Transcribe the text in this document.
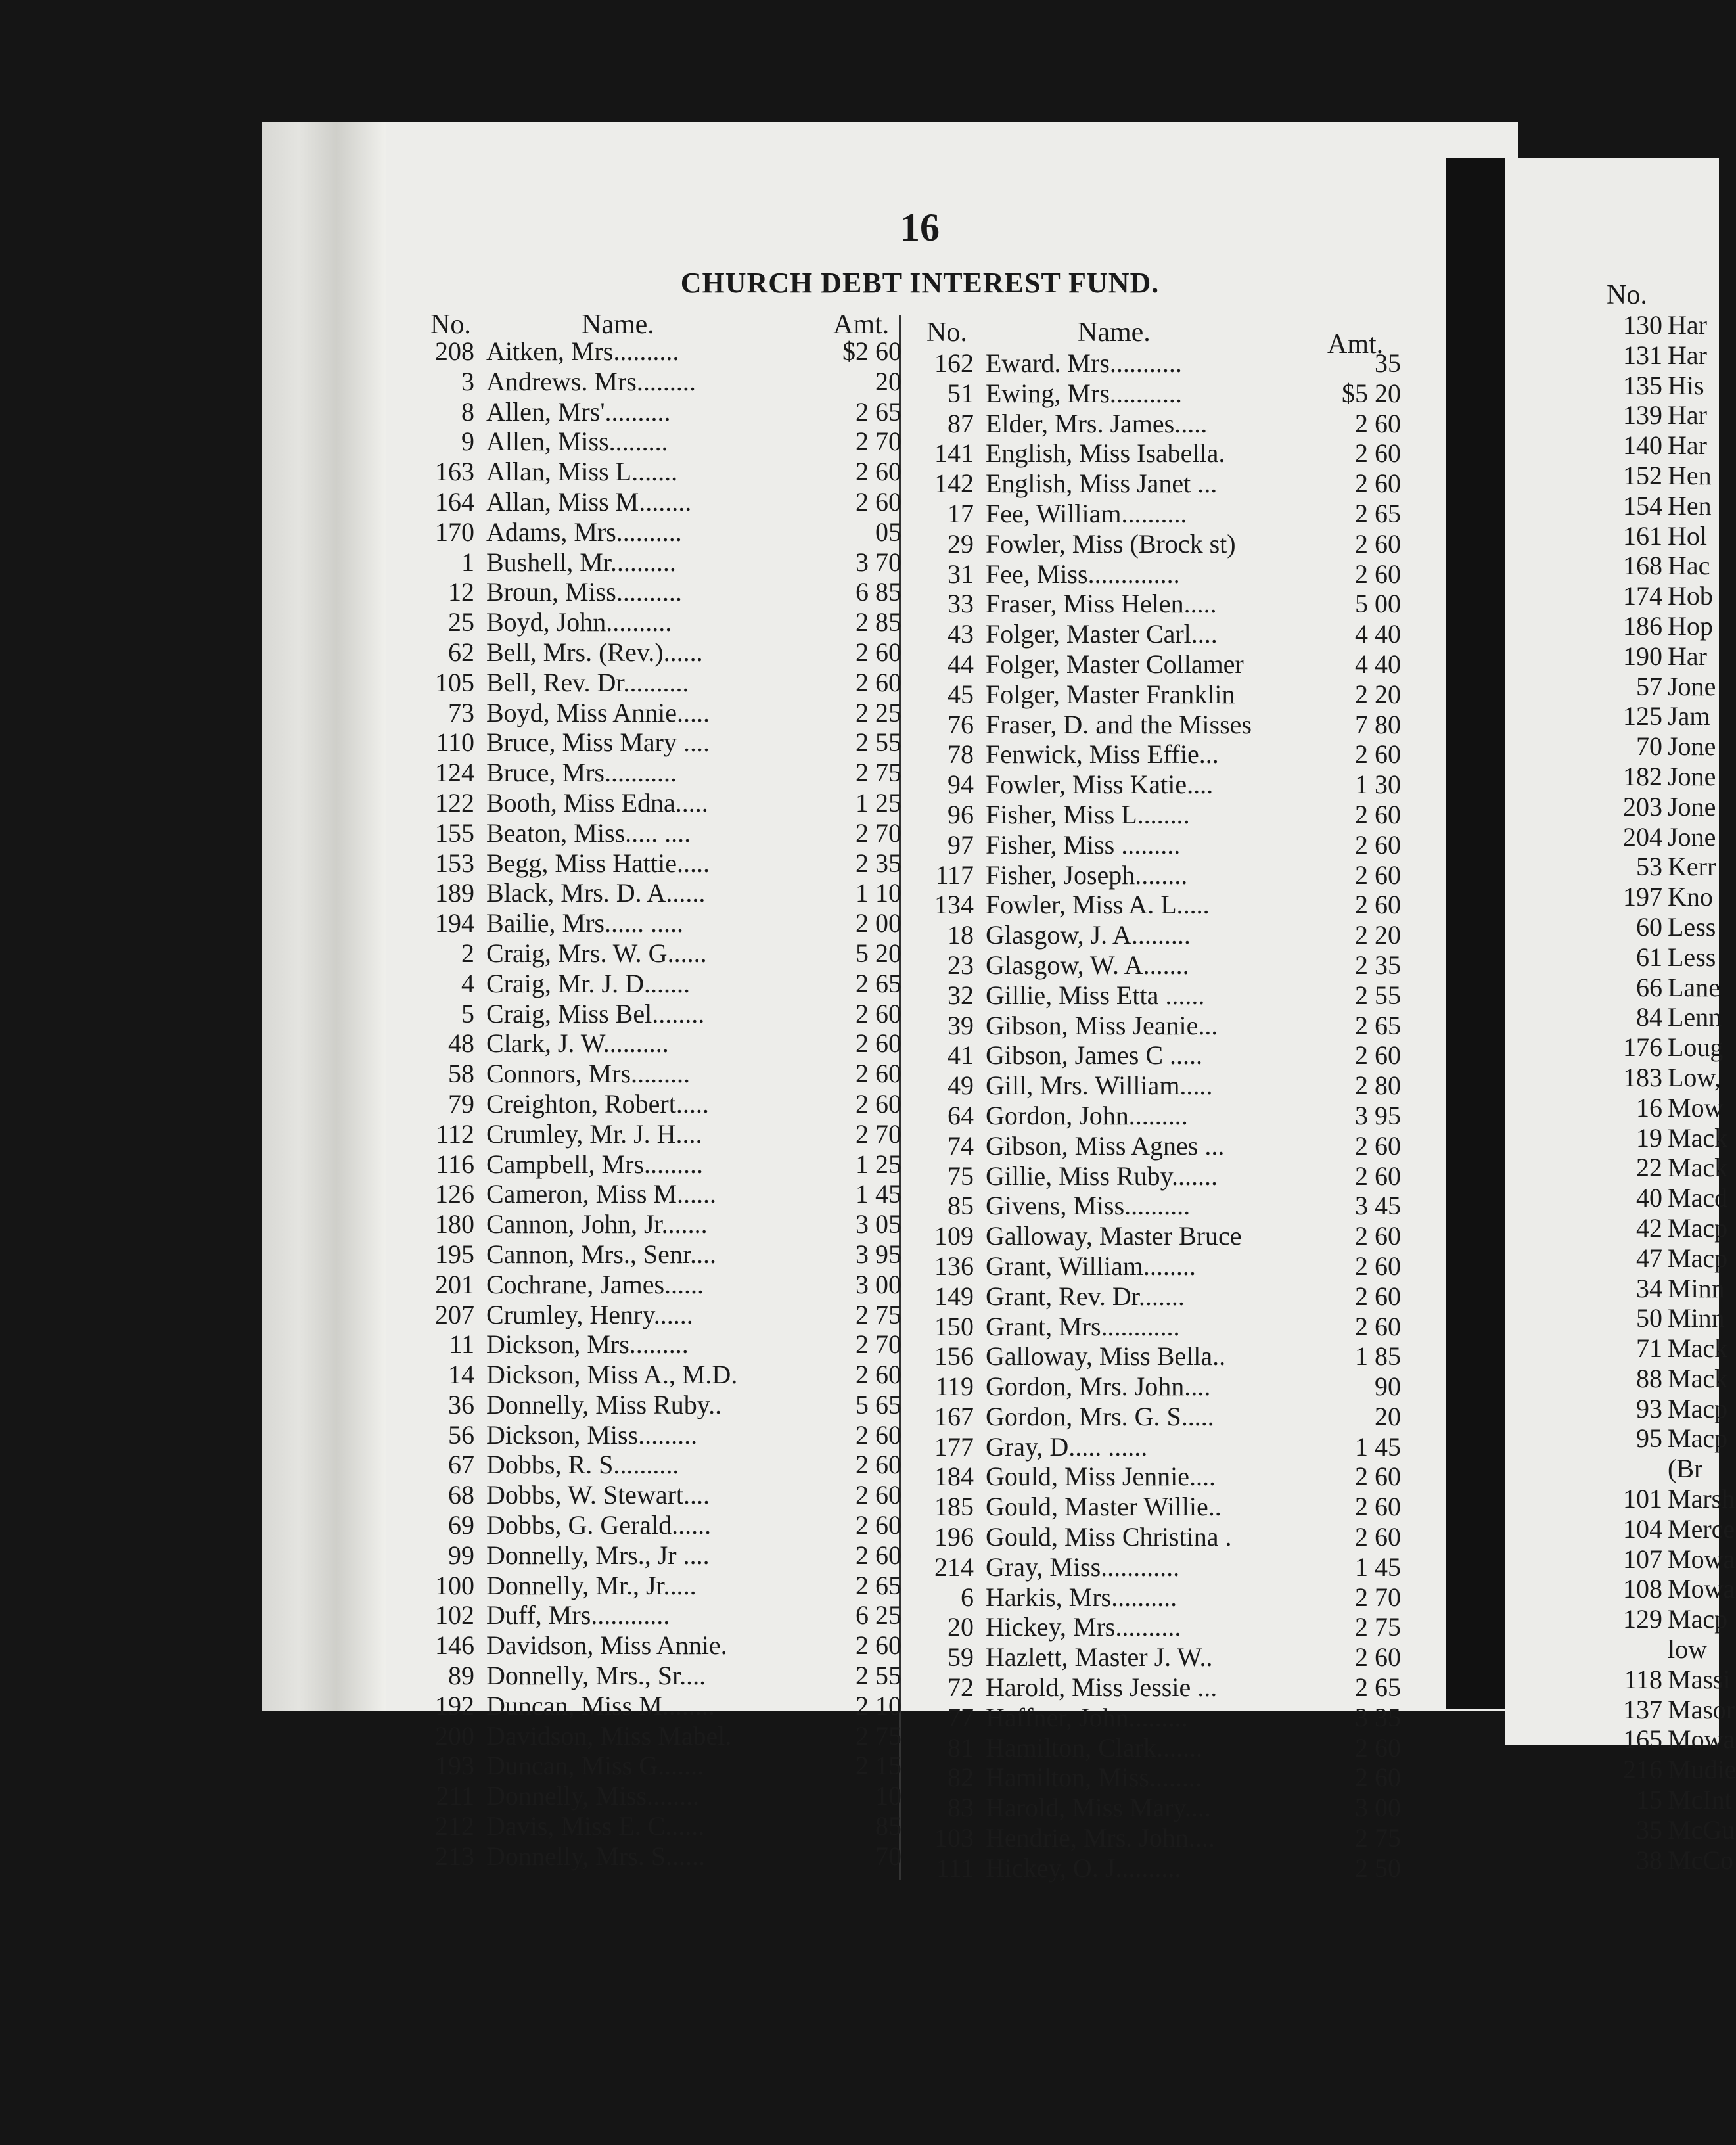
16
CHURCH DEBT INTEREST FUND.
No.	Name.	Amt. No.	Name.	Amt.
208 Aitken, Mrs..........	$2 60
3 Andrews. Mrs.........	20
8 Allen, Mrs'..........	2 65
9 Allen, Miss.........	2 70
163 Allan, Miss L.......	2 60
164 Allan, Miss M........	2 60
170 Adams, Mrs..........	05
1 Bushell, Mr..........	3 70
12 Broun, Miss..........	6 85
25 Boyd, John..........	2 85
62 Bell, Mrs. (Rev.)......	2 60
105 Bell, Rev. Dr..........	2 60
73 Boyd, Miss Annie.....	2 25
110 Bruce, Miss Mary ....	2 55
124 Bruce, Mrs...........	2 75
122 Booth, Miss Edna.....	1 25
155 Beaton, Miss..... ....	2 70
153 Begg, Miss Hattie.....	2 35
189 Black, Mrs. D. A......	1 10
194 Bailie, Mrs...... .....	2 00
2 Craig, Mrs. W. G......	5 20
4 Craig, Mr. J. D.......	2 65
5 Craig, Miss Bel........	2 60
48 Clark, J. W..........	2 60
58 Connors, Mrs.........	2 60
79 Creighton, Robert.....	2 60
112 Crumley, Mr. J. H....	2 70
116 Campbell, Mrs.........	1 25
126 Cameron, Miss M......	1 45
180 Cannon, John, Jr.......	3 05
195 Cannon, Mrs., Senr....	3 95
201 Cochrane, James......	3 00
207 Crumley, Henry......	2 75
11 Dickson, Mrs.........	2 70
14 Dickson, Miss A., M.D.	2 60
36 Donnelly, Miss Ruby..	5 65
56 Dickson, Miss.........	2 60
67 Dobbs, R. S..........	2 60
68 Dobbs, W. Stewart....	2 60
69 Dobbs, G. Gerald......	2 60
99 Donnelly, Mrs., Jr ....	2 60
100 Donnelly, Mr., Jr.....	2 65
102 Duff, Mrs............	6 25
146 Davidson, Miss Annie.	2 60
89 Donnelly, Mrs., Sr....	2 55
192 Duncan, Miss M........	2 10
200 Davidson, Miss Mabel.	2 75
193 Duncan, Miss G.......	2 15
211 Donnelly, Miss........	10
212 Davis, Miss E. C......	85
213 Donnelly, Mrs. S......	70
162 Eward. Mrs...........	35
51 Ewing, Mrs...........	$5 20
87 Elder, Mrs. James.....	2 60
141 English, Miss Isabella.	2 60
142 English, Miss Janet ...	2 60
17 Fee, William..........	2 65
29 Fowler, Miss (Brock st)	2 60
31 Fee, Miss..............	2 60
33 Fraser, Miss Helen.....	5 00
43 Folger, Master Carl....	4 40
44 Folger, Master Collamer	4 40
45 Folger, Master Franklin	2 20
76 Fraser, D. and the Misses	7 80
78 Fenwick, Miss Effie...	2 60
94 Fowler, Miss Katie....	1 30
96 Fisher, Miss L........	2 60
97 Fisher, Miss .........	2 60
117 Fisher, Joseph........	2 60
134 Fowler, Miss A. L.....	2 60
18 Glasgow, J. A.........	2 20
23 Glasgow, W. A.......	2 35
32 Gillie, Miss Etta ......	2 55
39 Gibson, Miss Jeanie...	2 65
41 Gibson, James C .....	2 60
49 Gill, Mrs. William.....	2 80
64 Gordon, John.........	3 95
74 Gibson, Miss Agnes ...	2 60
75 Gillie, Miss Ruby.......	2 60
85 Givens, Miss..........	3 45
109 Galloway, Master Bruce	2 60
136 Grant, William........	2 60
149 Grant, Rev. Dr.......	2 60
150 Grant, Mrs............	2 60
156 Galloway, Miss Bella..	1 85
119 Gordon, Mrs. John....	90
167 Gordon, Mrs. G. S.....	20
177 Gray, D..... ......	1 45
184 Gould, Miss Jennie....	2 60
185 Gould, Master Willie..	2 60
196 Gould, Miss Christina .	2 60
214 Gray, Miss............	1 45
6 Harkis, Mrs..........	2 70
20 Hickey, Mrs..........	2 75
59 Hazlett, Master J. W..	2 60
72 Harold, Miss Jessie ...	2 65
77 Haffner, John.........	3 35
81 Hamilton, Clark.......	2 60
82 Hamilton, Miss........	2 60
83 Harold, Miss Mary....	3 00
103 Hendrie, Mrs. John....	2 75
111 Hickey, O. J..........	2 50
No.
130 Har
131 Har
135 His
139 Har
140 Har
152 Hen
154 Hen
161 Hol
168 Hac
174 Hob
186 Hop
190 Har
57 Jone
125 Jam
70 Jone
182 Jone
203 Jone
204 Jone
53 Kerr
197 Kno
60 Less
61 Less
66 Lane
84 Lenn
176 Loug
183 Low,
16 Mow
19 Mack
22 Mack
40 Macd
42 Macp
47 Macp
34 Minn
50 Minn
71 Mack
88 Mack
93 Macp
95 Macp
(Br
101 Marsh
104 Merce
107 Mowa
108 Mowa
129 Macp
low
118 Massi
137 Masor
165 Mowa
216 Mudie
15 McInt
35 McGu
38 McCo
